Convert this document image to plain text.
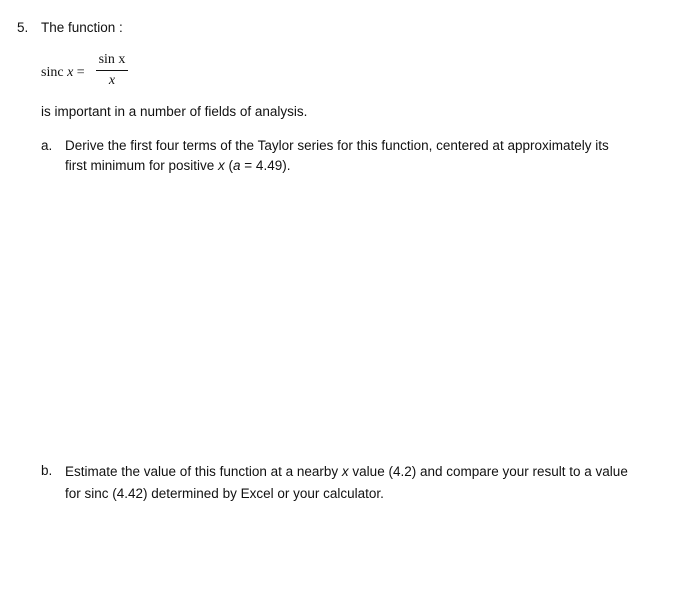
5. The function :
sinc x =
sin x
x
is important in a number of fields of analysis.
a. Derive the first four terms of the Taylor series for this function, centered at approximately its
first minimum for positive x (a = 4.49).
b. Estimate the value of this function at a nearby x value (4.2) and compare your result to a value
for sinc (4.42) determined by Excel or your calculator.
